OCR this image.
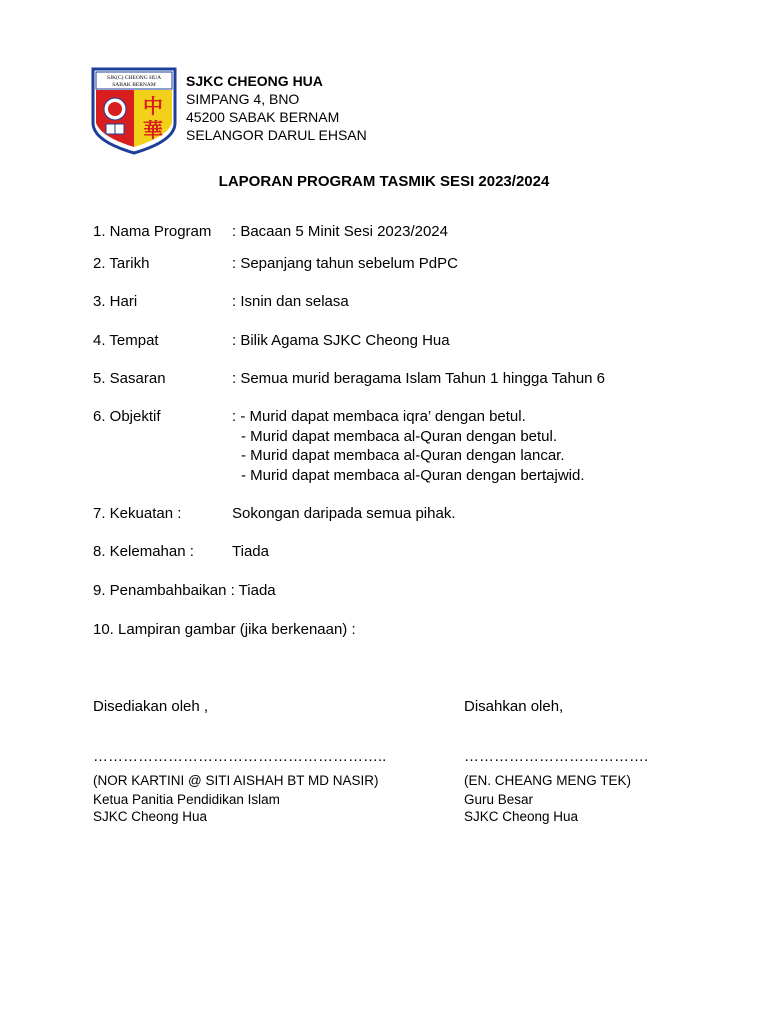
SJK(C) CHEONG HUA
SABAK BERNAM
中
華
SJKC CHEONG HUA
SIMPANG 4, BNO
45200 SABAK BERNAM
SELANGOR DARUL EHSAN
LAPORAN PROGRAM TASMIK SESI 2023/2024
1. Nama Program : Bacaan 5 Minit Sesi 2023/2024
2. Tarikh	: Sepanjang tahun sebelum PdPC
3. Hari	: Isnin dan selasa
4. Tempat	: Bilik Agama SJKC Cheong Hua
5. Sasaran	: Semua murid beragama Islam Tahun 1 hingga Tahun 6
6. Objektif	: - Murid dapat membaca iqra’ dengan betul.
- Murid dapat membaca al-Quran dengan betul.
- Murid dapat membaca al-Quran dengan lancar.
- Murid dapat membaca al-Quran dengan bertajwid.
7. Kekuatan :	Sokongan daripada semua pihak.
8. Kelemahan :	Tiada
9. Penambahbaikan : Tiada
10. Lampiran gambar (jika berkenaan) :
Disediakan oleh ,
…………………………………………………..
(NOR KARTINI @ SITI AISHAH BT MD NASIR)
Ketua Panitia Pendidikan Islam
SJKC Cheong Hua
Disahkan oleh,
……………………………….
(EN. CHEANG MENG TEK)
Guru Besar
SJKC Cheong Hua
